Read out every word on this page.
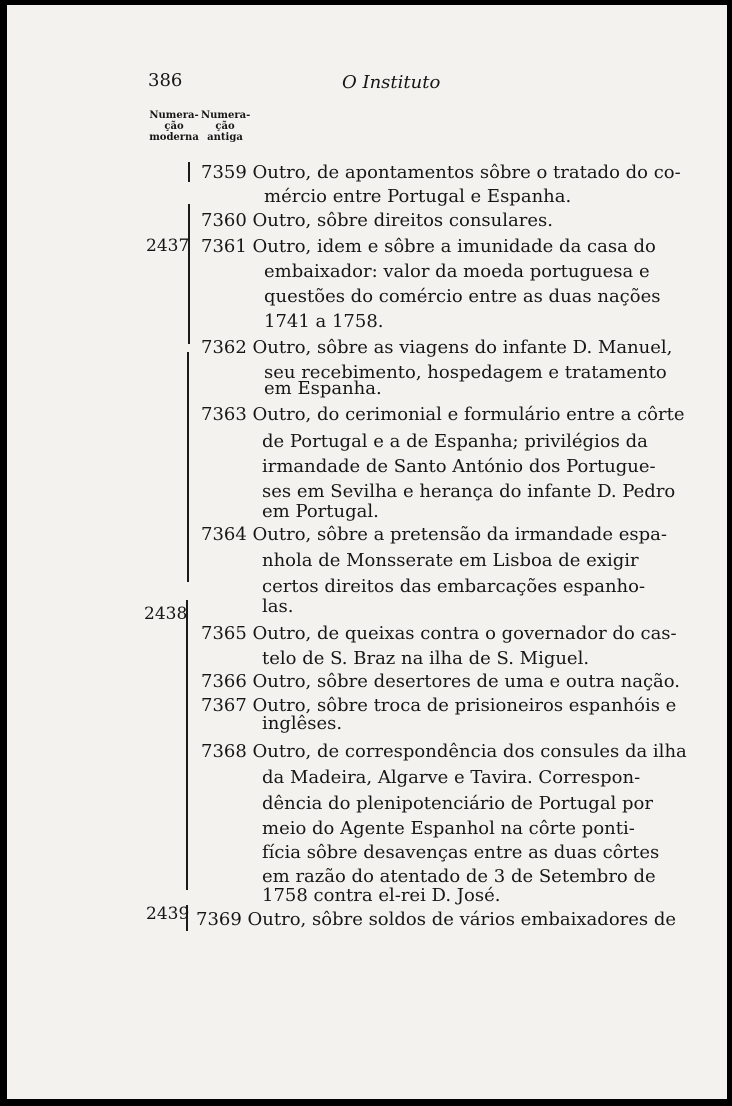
386	O Instituto
Numera-
ção
moderna
Numera-
ção
antiga
2437
2438
2439
7359 Outro, de apontamentos sôbre o tratado do co-
mércio entre Portugal e Espanha.
7360 Outro, sôbre direitos consulares.
7361 Outro, idem e sôbre a imunidade da casa do
embaixador: valor da moeda portuguesa e
questões do comércio entre as duas nações
1741 a 1758.
7362 Outro, sôbre as viagens do infante D. Manuel,
seu recebimento, hospedagem e tratamento
em Espanha.
7363 Outro, do cerimonial e formulário entre a côrte
de Portugal e a de Espanha; privilégios da
irmandade de Santo António dos Portugue-
ses em Sevilha e herança do infante D. Pedro
em Portugal.
7364 Outro, sôbre a pretensão da irmandade espa-
nhola de Monsserate em Lisboa de exigir
certos direitos das embarcações espanho-
las.
7365 Outro, de queixas contra o governador do cas-
telo de S. Braz na ilha de S. Miguel.
7366 Outro, sôbre desertores de uma e outra nação.
7367 Outro, sôbre troca de prisioneiros espanhóis e
inglêses.
7368 Outro, de correspondência dos consules da ilha
da Madeira, Algarve e Tavira. Correspon-
dência do plenipotenciário de Portugal por
meio do Agente Espanhol na côrte ponti-
fícia sôbre desavenças entre as duas côrtes
em razão do atentado de 3 de Setembro de
1758 contra el-rei D. José.
7369 Outro, sôbre soldos de vários embaixadores de
